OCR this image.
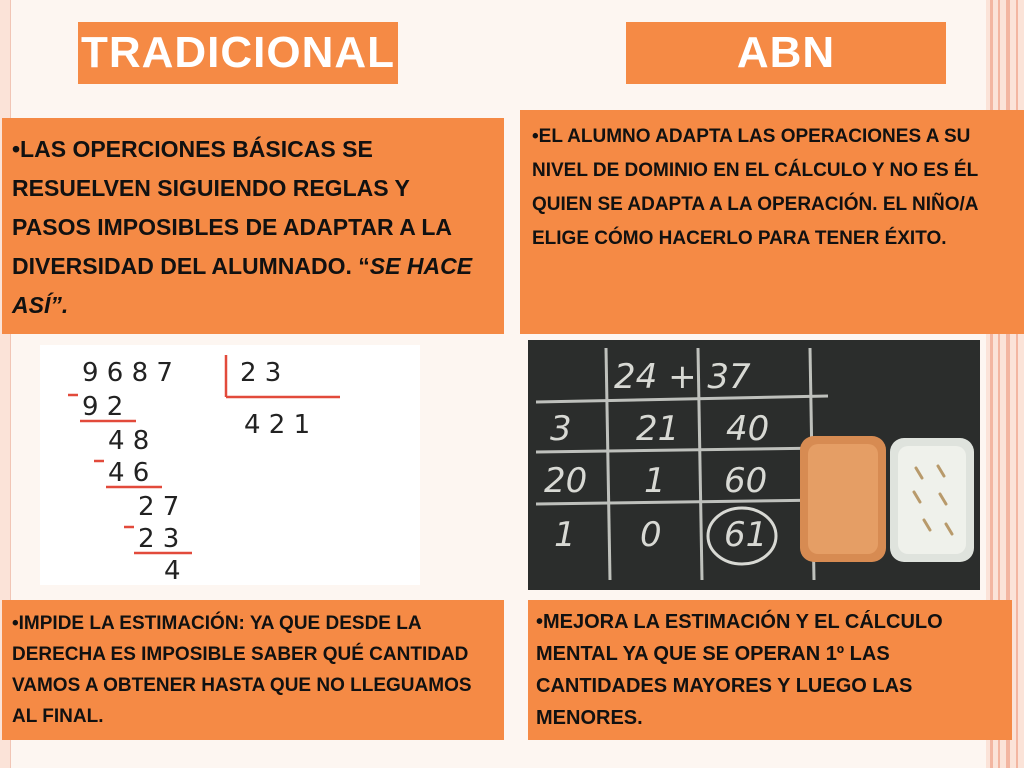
TRADICIONAL	ABN
•LAS OPERCIONES BÁSICAS SE RESUELVEN SIGUIENDO REGLAS Y PASOS IMPOSIBLES DE ADAPTAR A LA DIVERSIDAD DEL ALUMNADO. “SE HACE ASÍ”.
•EL ALUMNO ADAPTA LAS OPERACIONES A SU NIVEL DE DOMINIO EN EL CÁLCULO Y NO ES ÉL QUIEN SE ADAPTA A LA OPERACIÓN. EL NIÑO/A ELIGE CÓMO HACERLO PARA TENER ÉXITO.
9 6 8 7
9 2
4 8
4 6
2 7
2 3
4
2 3
4 2 1
24 + 37
3 21 40
20 1 60
1 0 61
•IMPIDE LA ESTIMACIÓN: YA QUE DESDE LA DERECHA ES IMPOSIBLE SABER QUÉ CANTIDAD VAMOS A OBTENER HASTA QUE NO LLEGUAMOS AL FINAL.
•MEJORA LA ESTIMACIÓN Y EL CÁLCULO MENTAL YA QUE SE OPERAN 1º LAS CANTIDADES MAYORES Y LUEGO LAS MENORES.
